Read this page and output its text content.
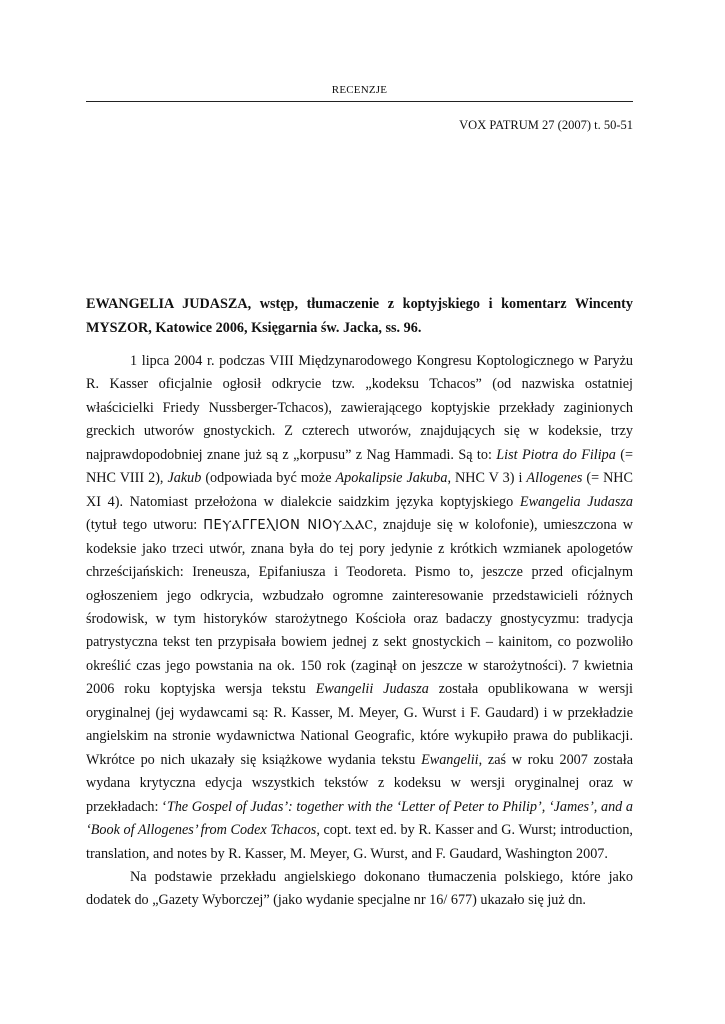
RECENZJE
VOX PATRUM 27 (2007) t. 50-51

EWANGELIA JUDASZA, wstęp, tłumaczenie z koptyjskiego i komentarz Wincenty MYSZOR, Katowice 2006, Księgarnia św. Jacka, ss. 96.

1 lipca 2004 r. podczas VIII Międzynarodowego Kongresu Koptologicznego w Paryżu R. Kasser oficjalnie ogłosił odkrycie tzw. „kodeksu Tchacos” (od nazwiska ostatniej właścicielki Friedy Nussberger-Tchacos), zawierającego koptyjskie przekłady zaginionych greckich utworów gnostyckich. Z czterech utworów, znajdujących się w kodeksie, trzy najprawdopodobniej znane już są z „korpusu” z Nag Hammadi. Są to: List Piotra do Filipa (= NHC VIII 2), Jakub (odpowiada być może Apokalipsie Jakuba, NHC V 3) i Allogenes (= NHC XI 4). Natomiast przełożona w dialekcie saidzkim języka koptyjskiego Ewangelia Judasza (tytuł tego utworu: ΠΕⲨⲀΓΓΕⲖΙΟΝ ΝΙΟⲨⲆⲀⲤ, znajduje się w kolofonie), umieszczona w kodeksie jako trzeci utwór, znana była do tej pory jedynie z krótkich wzmianek apologetów chrześcijańskich: Ireneusza, Epifaniusza i Teodoreta. Pismo to, jeszcze przed oficjalnym ogłoszeniem jego odkrycia, wzbudzało ogromne zainteresowanie przedstawicieli różnych środowisk, w tym historyków starożytnego Kościoła oraz badaczy gnostycyzmu: tradycja patrystyczna tekst ten przypisała bowiem jednej z sekt gnostyckich – kainitom, co pozwoliło określić czas jego powstania na ok. 150 rok (zaginął on jeszcze w starożytności). 7 kwietnia 2006 roku koptyjska wersja tekstu Ewangelii Judasza została opublikowana w wersji oryginalnej (jej wydawcami są: R. Kasser, M. Meyer, G. Wurst i F. Gaudard) i w przekładzie angielskim na stronie wydawnictwa National Geografic, które wykupiło prawa do publikacji. Wkrótce po nich ukazały się książkowe wydania tekstu Ewangelii, zaś w roku 2007 została wydana krytyczna edycja wszystkich tekstów z kodeksu w wersji oryginalnej oraz w przekładach: ‘The Gospel of Judas’: together with the ‘Letter of Peter to Philip’, ‘James’, and a ‘Book of Allogenes’ from Codex Tchacos, copt. text ed. by R. Kasser and G. Wurst; introduction, translation, and notes by R. Kasser, M. Meyer, G. Wurst, and F. Gaudard, Washington 2007.

Na podstawie przekładu angielskiego dokonano tłumaczenia polskiego, które jako dodatek do „Gazety Wyborczej” (jako wydanie specjalne nr 16/ 677) ukazało się już dn.
